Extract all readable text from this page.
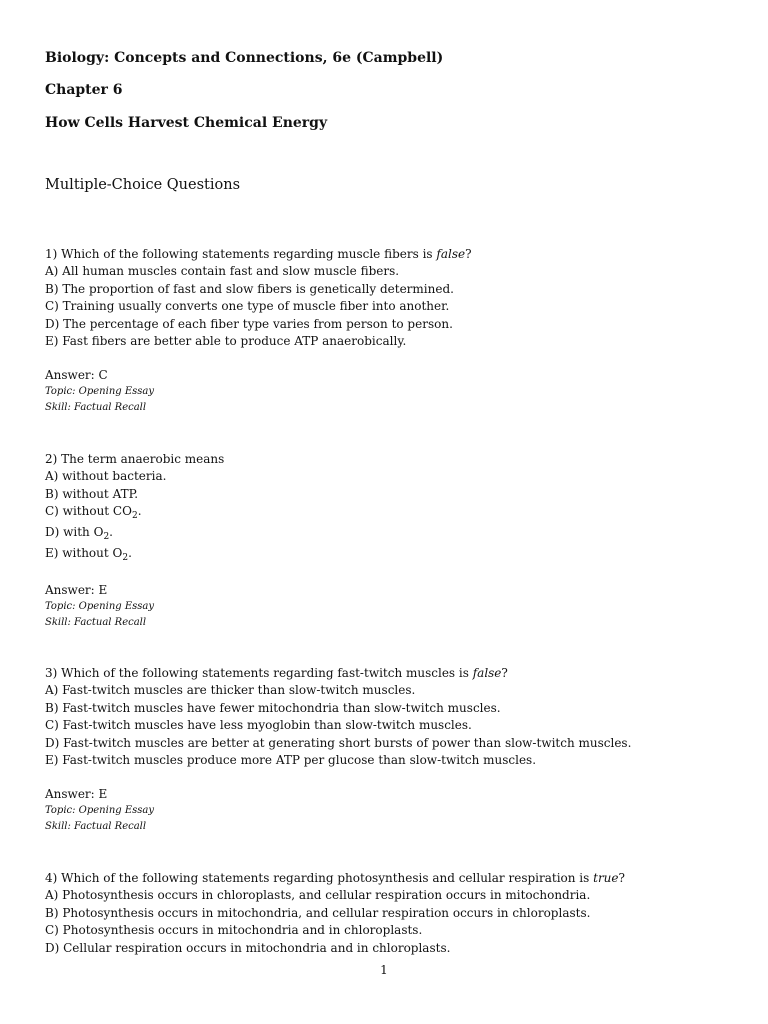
Biology: Concepts and Connections, 6e (Campbell)
Chapter 6
How Cells Harvest Chemical Energy
Multiple-Choice Questions
1) Which of the following statements regarding muscle fibers is false?
A) All human muscles contain fast and slow muscle fibers.
B) The proportion of fast and slow fibers is genetically determined.
C) Training usually converts one type of muscle fiber into another.
D) The percentage of each fiber type varies from person to person.
E) Fast fibers are better able to produce ATP anaerobically.
Answer: C
Topic: Opening Essay
Skill: Factual Recall
2) The term anaerobic means
A) without bacteria.
B) without ATP.
C) without $CO_2$.
D) with $O_2$.
E) without $O_2$.
Answer: E
Topic: Opening Essay
Skill: Factual Recall
3) Which of the following statements regarding fast-twitch muscles is false?
A) Fast-twitch muscles are thicker than slow-twitch muscles.
B) Fast-twitch muscles have fewer mitochondria than slow-twitch muscles.
C) Fast-twitch muscles have less myoglobin than slow-twitch muscles.
D) Fast-twitch muscles are better at generating short bursts of power than slow-twitch muscles.
E) Fast-twitch muscles produce more ATP per glucose than slow-twitch muscles.
Answer: E
Topic: Opening Essay
Skill: Factual Recall
4) Which of the following statements regarding photosynthesis and cellular respiration is true?
A) Photosynthesis occurs in chloroplasts, and cellular respiration occurs in mitochondria.
B) Photosynthesis occurs in mitochondria, and cellular respiration occurs in chloroplasts.
C) Photosynthesis occurs in mitochondria and in chloroplasts.
D) Cellular respiration occurs in mitochondria and in chloroplasts.
1
